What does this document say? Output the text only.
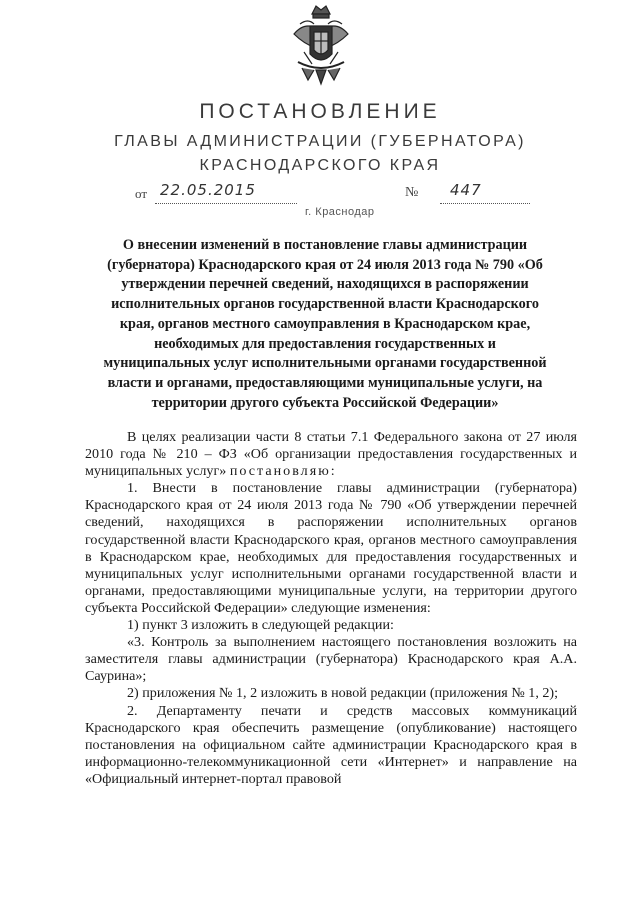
ПОСТАНОВЛЕНИЕ
ГЛАВЫ АДМИНИСТРАЦИИ (ГУБЕРНАТОРА)
КРАСНОДАРСКОГО КРАЯ
от 22.05.2015	№ 447
г. Краснодар
О внесении изменений в постановление главы администрации (губернатора) Краснодарского края от 24 июля 2013 года № 790 «Об утверждении перечней сведений, находящихся в распоряжении исполнительных органов государственной власти Краснодарского края, органов местного самоуправления в Краснодарском крае, необходимых для предоставления государственных и муниципальных услуг исполнительными органами государственной власти и органами, предоставляющими муниципальные услуги, на территории другого субъекта Российской Федерации»

В целях реализации части 8 статьи 7.1 Федерального закона от 27 июля 2010 года № 210 – ФЗ «Об организации предоставления государственных и муниципальных услуг» постановляю:

1. Внести в постановление главы администрации (губернатора) Краснодарского края от 24 июля 2013 года № 790 «Об утверждении перечней сведений, находящихся в распоряжении исполнительных органов государственной власти Краснодарского края, органов местного самоуправления в Краснодарском крае, необходимых для предоставления государственных и муниципальных услуг исполнительными органами государственной власти и органами, предоставляющими муниципальные услуги, на территории другого субъекта Российской Федерации» следующие изменения:

1) пункт 3 изложить в следующей редакции:

«3. Контроль за выполнением настоящего постановления возложить на заместителя главы администрации (губернатора) Краснодарского края А.А. Саурина»;

2) приложения № 1, 2 изложить в новой редакции (приложения № 1, 2);

2. Департаменту печати и средств массовых коммуникаций Краснодарского края обеспечить размещение (опубликование) настоящего постановления на официальном сайте администрации Краснодарского края в информационно-телекоммуникационной сети «Интернет» и направление на «Официальный интернет-портал правовой
